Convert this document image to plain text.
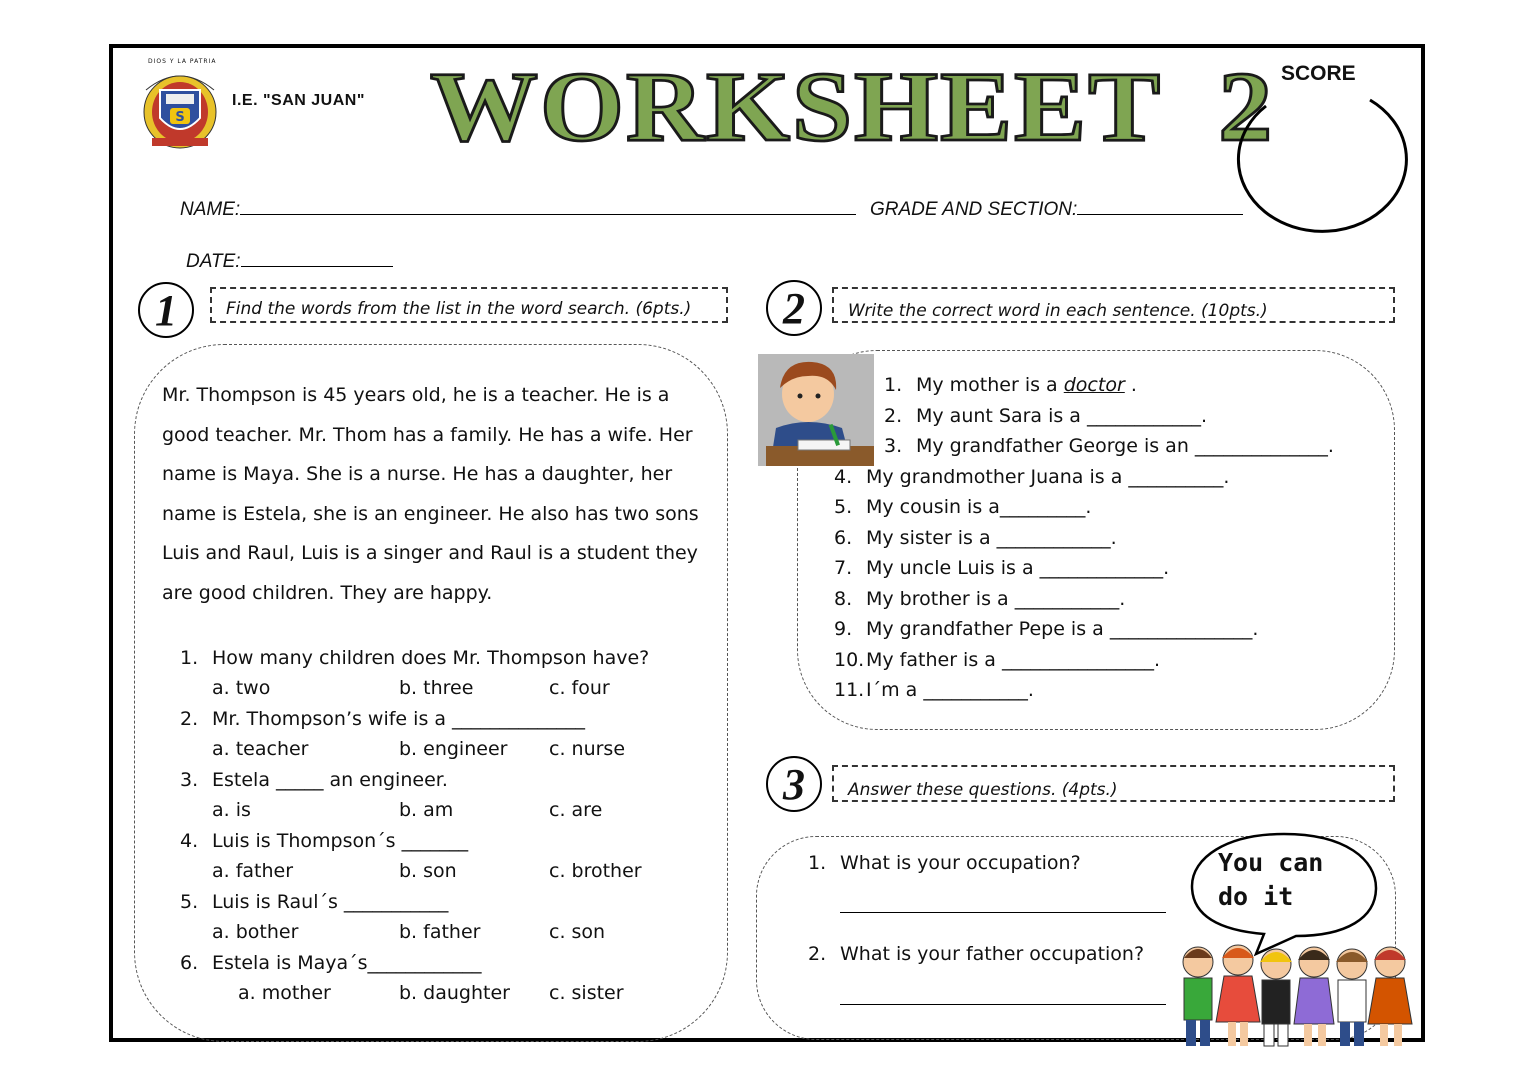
S
DIOS Y LA PATRIA
I.E. "SAN JUAN" WORKSHEET  2 SCORE
NAME:	GRADE AND SECTION:
DATE:
1	Find the words from the list in the word search. (6pts.)
Mr. Thompson is 45 years old, he is a teacher. He is a good teacher. Mr. Thom has a family. He has a wife. Her name is Maya. She is a nurse. He has a daughter, her name is Estela, she is an engineer. He also has two sons Luis and Raul, Luis is a singer and Raul is a student they are good children. They are happy.
1. How many children does Mr. Thompson have?
a. two	b. three	c. four
2. Mr. Thompson’s wife is a ______________
a. teacher	b. engineer c. nurse
3. Estela _____ an engineer.
a. is	b. am	c. are
4. Luis is Thompson´s _______
a. father	b. son	c. brother
5. Luis is Raul´s ___________
a. bother	b. father	c. son
6. Estela is Maya´s____________
a. mother	b. daughter c. sister
2	Write the correct word in each sentence. (10pts.)
1. My mother is a doctor .
2. My aunt Sara is a ____________.
3. My grandfather George is an ______________.
4. My grandmother Juana is a __________.
5. My cousin is a_________.
6. My sister is a ____________.
7. My uncle Luis is a _____________.
8. My brother is a ___________.
9. My grandfather Pepe is a _______________.
10.My father is a ________________.
11.I´m a ___________.
3	Answer these questions. (4pts.)
1. What is your occupation?
2. What is your father occupation?
You can
do it
